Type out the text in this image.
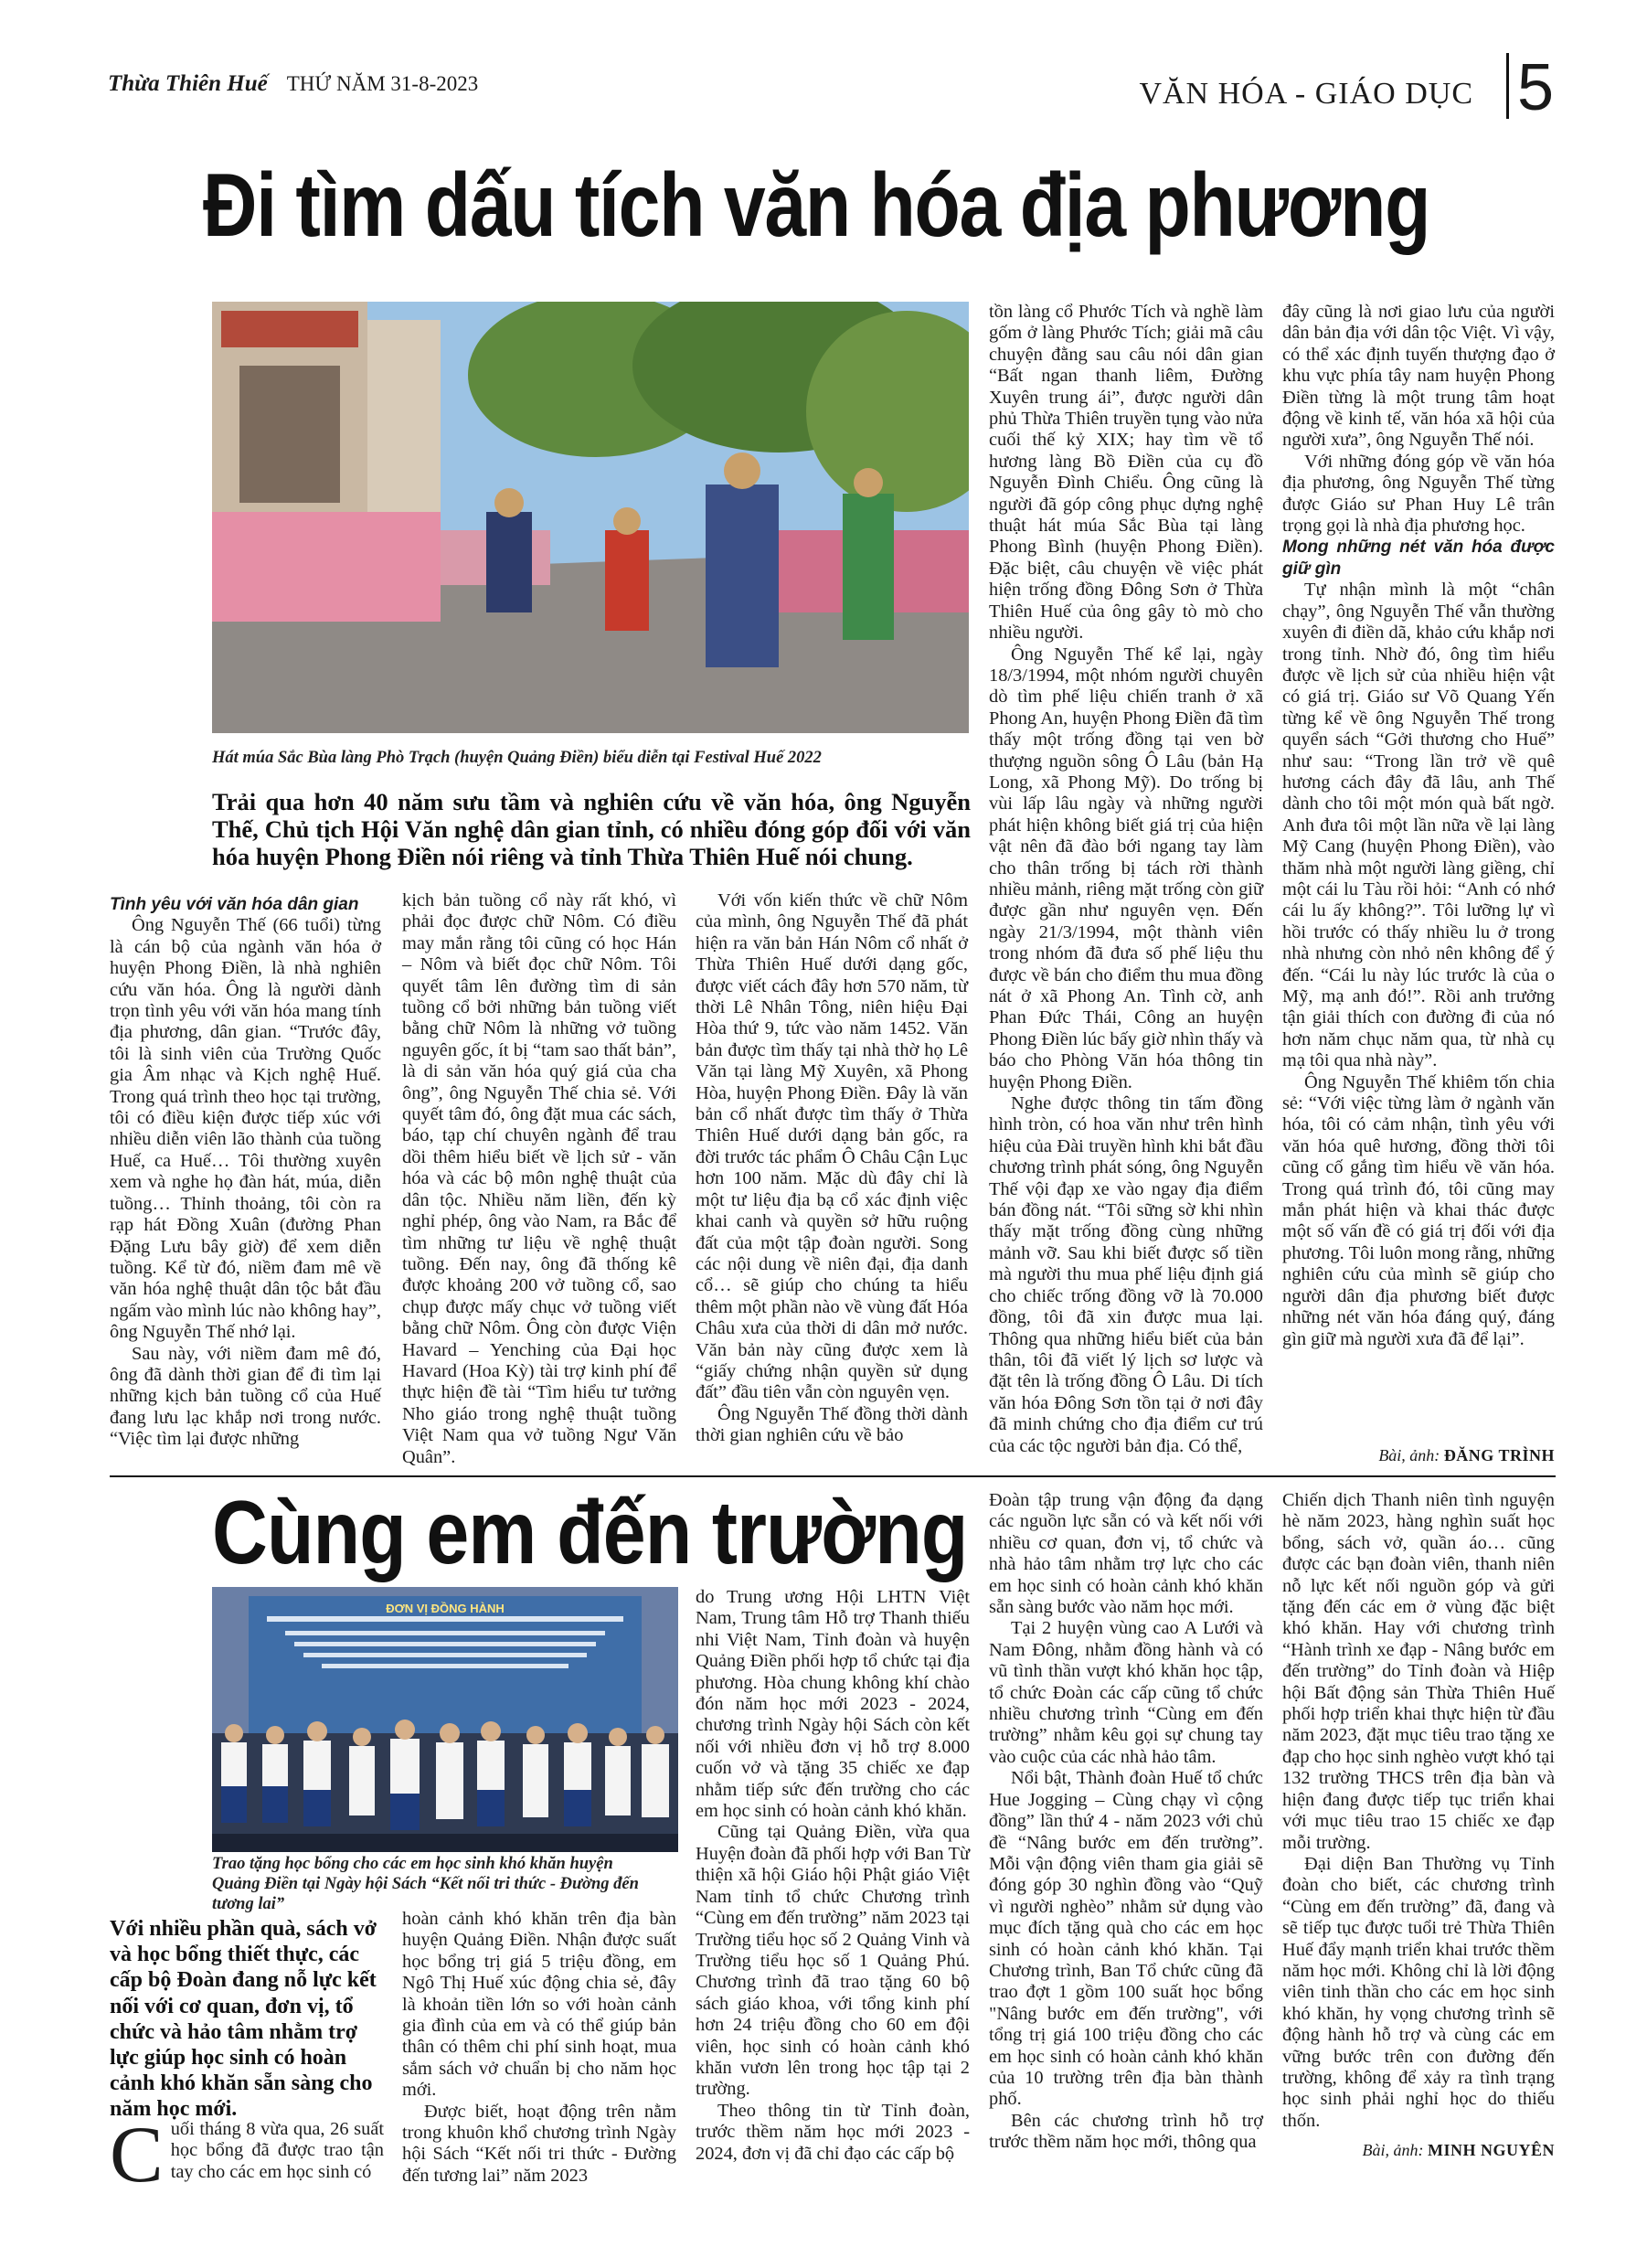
Thừa Thiên Huế THỨ NĂM 31-8-2023	VĂN HÓA - GIÁO DỤC 5
Đi tìm dấu tích văn hóa địa phương
Hát múa Sắc Bùa làng Phò Trạch (huyện Quảng Điền) biểu diễn tại Festival Huế 2022
Trải qua hơn 40 năm sưu tầm và nghiên cứu về văn hóa, ông Nguyễn Thế, Chủ tịch Hội Văn nghệ dân gian tỉnh, có nhiều đóng góp đối với văn hóa huyện Phong Điền nói riêng và tỉnh Thừa Thiên Huế nói chung.

Tình yêu với văn hóa dân gian

Ông Nguyễn Thế (66 tuổi) từng là cán bộ của ngành văn hóa ở huyện Phong Điền, là nhà nghiên cứu văn hóa. Ông là người dành trọn tình yêu với văn hóa mang tính địa phương, dân gian. “Trước đây, tôi là sinh viên của Trường Quốc gia Âm nhạc và Kịch nghệ Huế. Trong quá trình theo học tại trường, tôi có điều kiện được tiếp xúc với nhiều diễn viên lão thành của tuồng Huế, ca Huế… Tôi thường xuyên xem và nghe họ đàn hát, múa, diễn tuồng… Thỉnh thoảng, tôi còn ra rạp hát Đồng Xuân (đường Phan Đặng Lưu bây giờ) để xem diễn tuồng. Kể từ đó, niềm đam mê về văn hóa nghệ thuật dân tộc bắt đầu ngấm vào mình lúc nào không hay”, ông Nguyễn Thế nhớ lại.

Sau này, với niềm đam mê đó, ông đã dành thời gian để đi tìm lại những kịch bản tuồng cổ của Huế đang lưu lạc khắp nơi trong nước. “Việc tìm lại được những

kịch bản tuồng cổ này rất khó, vì phải đọc được chữ Nôm. Có điều may mắn rằng tôi cũng có học Hán – Nôm và biết đọc chữ Nôm. Tôi quyết tâm lên đường tìm di sản tuồng cổ bởi những bản tuồng viết bằng chữ Nôm là những vở tuồng nguyên gốc, ít bị “tam sao thất bản”, là di sản văn hóa quý giá của cha ông”, ông Nguyễn Thế chia sẻ. Với quyết tâm đó, ông đặt mua các sách, báo, tạp chí chuyên ngành để trau dồi thêm hiểu biết về lịch sử - văn hóa và các bộ môn nghệ thuật của dân tộc. Nhiều năm liền, đến kỳ nghỉ phép, ông vào Nam, ra Bắc để tìm những tư liệu về nghệ thuật tuồng. Đến nay, ông đã thống kê được khoảng 200 vở tuồng cổ, sao chụp được mấy chục vở tuồng viết bằng chữ Nôm. Ông còn được Viện Havard – Yenching của Đại học Havard (Hoa Kỳ) tài trợ kinh phí để thực hiện đề tài “Tìm hiểu tư tưởng Nho giáo trong nghệ thuật tuồng Việt Nam qua vở tuồng Ngư Văn Quân”.

Với vốn kiến thức về chữ Nôm của mình, ông Nguyễn Thế đã phát hiện ra văn bản Hán Nôm cổ nhất ở Thừa Thiên Huế dưới dạng gốc, được viết cách đây hơn 570 năm, từ thời Lê Nhân Tông, niên hiệu Đại Hòa thứ 9, tức vào năm 1452. Văn bản được tìm thấy tại nhà thờ họ Lê Văn tại làng Mỹ Xuyên, xã Phong Hòa, huyện Phong Điền. Đây là văn bản cổ nhất được tìm thấy ở Thừa Thiên Huế dưới dạng bản gốc, ra đời trước tác phẩm Ô Châu Cận Lục hơn 100 năm. Mặc dù đây chỉ là một tư liệu địa bạ cổ xác định việc khai canh và quyền sở hữu ruộng đất của một tập đoàn người. Song các nội dung về niên đại, địa danh cổ… sẽ giúp cho chúng ta hiểu thêm một phần nào về vùng đất Hóa Châu xưa của thời di dân mở nước. Văn bản này cũng được xem là “giấy chứng nhận quyền sử dụng đất” đầu tiên vẫn còn nguyên vẹn.

Ông Nguyễn Thế đồng thời dành thời gian nghiên cứu về bảo

tồn làng cổ Phước Tích và nghề làm gốm ở làng Phước Tích; giải mã câu chuyện đằng sau câu nói dân gian “Bất ngan thanh liêm, Đường Xuyên trung ái”, được người dân phủ Thừa Thiên truyền tụng vào nửa cuối thế kỷ XIX; hay tìm về tổ hương làng Bồ Điền của cụ đồ Nguyễn Đình Chiểu. Ông cũng là người đã góp công phục dựng nghệ thuật hát múa Sắc Bùa tại làng Phong Bình (huyện Phong Điền). Đặc biệt, câu chuyện về việc phát hiện trống đồng Đông Sơn ở Thừa Thiên Huế của ông gây tò mò cho nhiều người.

Ông Nguyễn Thế kể lại, ngày 18/3/1994, một nhóm người chuyên dò tìm phế liệu chiến tranh ở xã Phong An, huyện Phong Điền đã tìm thấy một trống đồng tại ven bờ thượng nguồn sông Ô Lâu (bản Hạ Long, xã Phong Mỹ). Do trống bị vùi lấp lâu ngày và những người phát hiện không biết giá trị của hiện vật nên đã đào bới ngang tay làm cho thân trống bị tách rời thành nhiều mảnh, riêng mặt trống còn giữ được gần như nguyên vẹn. Đến ngày 21/3/1994, một thành viên trong nhóm đã đưa số phế liệu thu được về bán cho điểm thu mua đồng nát ở xã Phong An. Tình cờ, anh Phan Đức Thái, Công an huyện Phong Điền lúc bấy giờ nhìn thấy và báo cho Phòng Văn hóa thông tin huyện Phong Điền.

Nghe được thông tin tấm đồng hình tròn, có hoa văn như trên hình hiệu của Đài truyền hình khi bắt đầu chương trình phát sóng, ông Nguyễn Thế vội đạp xe vào ngay địa điểm bán đồng nát. “Tôi sững sờ khi nhìn thấy mặt trống đồng cùng những mảnh vỡ. Sau khi biết được số tiền mà người thu mua phế liệu định giá cho chiếc trống đồng vỡ là 70.000 đồng, tôi đã xin được mua lại. Thông qua những hiểu biết của bản thân, tôi đã viết lý lịch sơ lược và đặt tên là trống đồng Ô Lâu. Di tích văn hóa Đông Sơn tồn tại ở nơi đây đã minh chứng cho địa điểm cư trú của các tộc người bản địa. Có thể,

đây cũng là nơi giao lưu của người dân bản địa với dân tộc Việt. Vì vậy, có thể xác định tuyến thượng đạo ở khu vực phía tây nam huyện Phong Điền từng là một trung tâm hoạt động về kinh tế, văn hóa xã hội của người xưa”, ông Nguyễn Thế nói.

Với những đóng góp về văn hóa địa phương, ông Nguyễn Thế từng được Giáo sư Phan Huy Lê trân trọng gọi là nhà địa phương học.

Mong những nét văn hóa được giữ gìn

Tự nhận mình là một “chân chạy”, ông Nguyễn Thế vẫn thường xuyên đi điền dã, khảo cứu khắp nơi trong tỉnh. Nhờ đó, ông tìm hiểu được về lịch sử của nhiều hiện vật có giá trị. Giáo sư Võ Quang Yến từng kể về ông Nguyễn Thế trong quyển sách “Gởi thương cho Huế” như sau: “Trong lần trở về quê hương cách đây đã lâu, anh Thế dành cho tôi một món quà bất ngờ. Anh đưa tôi một lần nữa về lại làng Mỹ Cang (huyện Phong Điền), vào thăm nhà một người làng giềng, chỉ một cái lu Tàu rồi hỏi: “Anh có nhớ cái lu ấy không?”. Tôi lưỡng lự vì hồi trước có thấy nhiều lu ở trong nhà nhưng còn nhỏ nên không để ý đến. “Cái lu này lúc trước là của o Mỹ, mạ anh đó!”. Rồi anh trưởng tận giải thích con đường đi của nó hơn năm chục năm qua, từ nhà cụ mạ tôi qua nhà này”.

Ông Nguyễn Thế khiêm tốn chia sẻ: “Với việc từng làm ở ngành văn hóa, tôi có cảm nhận, tình yêu với văn hóa quê hương, đồng thời tôi cũng cố gắng tìm hiểu về văn hóa. Trong quá trình đó, tôi cũng may mắn phát hiện và khai thác được một số vấn đề có giá trị đối với địa phương. Tôi luôn mong rằng, những nghiên cứu của mình sẽ giúp cho người dân địa phương biết được những nét văn hóa đáng quý, đáng gìn giữ mà người xưa đã để lại”.

Bài, ảnh: ĐĂNG TRÌNH
Cùng em đến trường
ĐƠN VỊ ĐỒNG HÀNH
Trao tặng học bổng cho các em học sinh khó khăn huyện Quảng Điền tại Ngày hội Sách “Kết nối tri thức - Đường đến tương lai”
Với nhiều phần quà, sách vở và học bổng thiết thực, các cấp bộ Đoàn đang nỗ lực kết nối với cơ quan, đơn vị, tổ chức và hảo tâm nhằm trợ lực giúp học sinh có hoàn cảnh khó khăn sẵn sàng cho năm học mới.

Cuối tháng 8 vừa qua, 26 suất học bổng đã được trao tận tay cho các em học sinh có

hoàn cảnh khó khăn trên địa bàn huyện Quảng Điền. Nhận được suất học bổng trị giá 5 triệu đồng, em Ngô Thị Huế xúc động chia sẻ, đây là khoản tiền lớn so với hoàn cảnh gia đình của em và có thể giúp bản thân có thêm chi phí sinh hoạt, mua sắm sách vở chuẩn bị cho năm học mới.

Được biết, hoạt động trên nằm trong khuôn khổ chương trình Ngày hội Sách “Kết nối tri thức - Đường đến tương lai” năm 2023

do Trung ương Hội LHTN Việt Nam, Trung tâm Hỗ trợ Thanh thiếu nhi Việt Nam, Tỉnh đoàn và huyện Quảng Điền phối hợp tổ chức tại địa phương. Hòa chung không khí chào đón năm học mới 2023 - 2024, chương trình Ngày hội Sách còn kết nối với nhiều đơn vị hỗ trợ 8.000 cuốn vở và tặng 35 chiếc xe đạp nhằm tiếp sức đến trường cho các em học sinh có hoàn cảnh khó khăn.

Cũng tại Quảng Điền, vừa qua Huyện đoàn đã phối hợp với Ban Từ thiện xã hội Giáo hội Phật giáo Việt Nam tỉnh tổ chức Chương trình “Cùng em đến trường” năm 2023 tại Trường tiểu học số 2 Quảng Vinh và Trường tiểu học số 1 Quảng Phú. Chương trình đã trao tặng 60 bộ sách giáo khoa, với tổng kinh phí hơn 24 triệu đồng cho 60 em đội viên, học sinh có hoàn cảnh khó khăn vươn lên trong học tập tại 2 trường.

Theo thông tin từ Tỉnh đoàn, trước thềm năm học mới 2023 - 2024, đơn vị đã chỉ đạo các cấp bộ

Đoàn tập trung vận động đa dạng các nguồn lực sẵn có và kết nối với nhiều cơ quan, đơn vị, tổ chức và nhà hảo tâm nhằm trợ lực cho các em học sinh có hoàn cảnh khó khăn sẵn sàng bước vào năm học mới.

Tại 2 huyện vùng cao A Lưới và Nam Đông, nhằm đồng hành và có vũ tình thần vượt khó khăn học tập, tổ chức Đoàn các cấp cũng tổ chức nhiều chương trình “Cùng em đến trường” nhằm kêu gọi sự chung tay vào cuộc của các nhà hảo tâm.

Nổi bật, Thành đoàn Huế tổ chức Hue Jogging – Cùng chạy vì cộng đồng” lần thứ 4 - năm 2023 với chủ đề “Nâng bước em đến trường”. Mỗi vận động viên tham gia giải sẽ đóng góp 30 nghìn đồng vào “Quỹ vì người nghèo” nhằm sử dụng vào mục đích tặng quà cho các em học sinh có hoàn cảnh khó khăn. Tại Chương trình, Ban Tổ chức cũng đã trao đợt 1 gồm 100 suất học bổng "Nâng bước em đến trường", với tổng trị giá 100 triệu đồng cho các em học sinh có hoàn cảnh khó khăn của 10 trường trên địa bàn thành phố.

Bên các chương trình hỗ trợ trước thềm năm học mới, thông qua

Chiến dịch Thanh niên tình nguyện hè năm 2023, hàng nghìn suất học bổng, sách vở, quần áo… cũng được các bạn đoàn viên, thanh niên nỗ lực kết nối nguồn góp và gửi tặng đến các em ở vùng đặc biệt khó khăn. Hay với chương trình “Hành trình xe đạp - Nâng bước em đến trường” do Tỉnh đoàn và Hiệp hội Bất động sản Thừa Thiên Huế phối hợp triển khai thực hiện từ đầu năm 2023, đặt mục tiêu trao tặng xe đạp cho học sinh nghèo vượt khó tại 132 trường THCS trên địa bàn và hiện đang được tiếp tục triển khai với mục tiêu trao 15 chiếc xe đạp mỗi trường.

Đại diện Ban Thường vụ Tỉnh đoàn cho biết, các chương trình “Cùng em đến trường” đã, đang và sẽ tiếp tục được tuổi trẻ Thừa Thiên Huế đẩy mạnh triển khai trước thềm năm học mới. Không chỉ là lời động viên tinh thần cho các em học sinh khó khăn, hy vọng chương trình sẽ động hành hỗ trợ và cùng các em vững bước trên con đường đến trường, không để xảy ra tình trạng học sinh phải nghỉ học do thiếu thốn.

Bài, ảnh: MINH NGUYÊN
